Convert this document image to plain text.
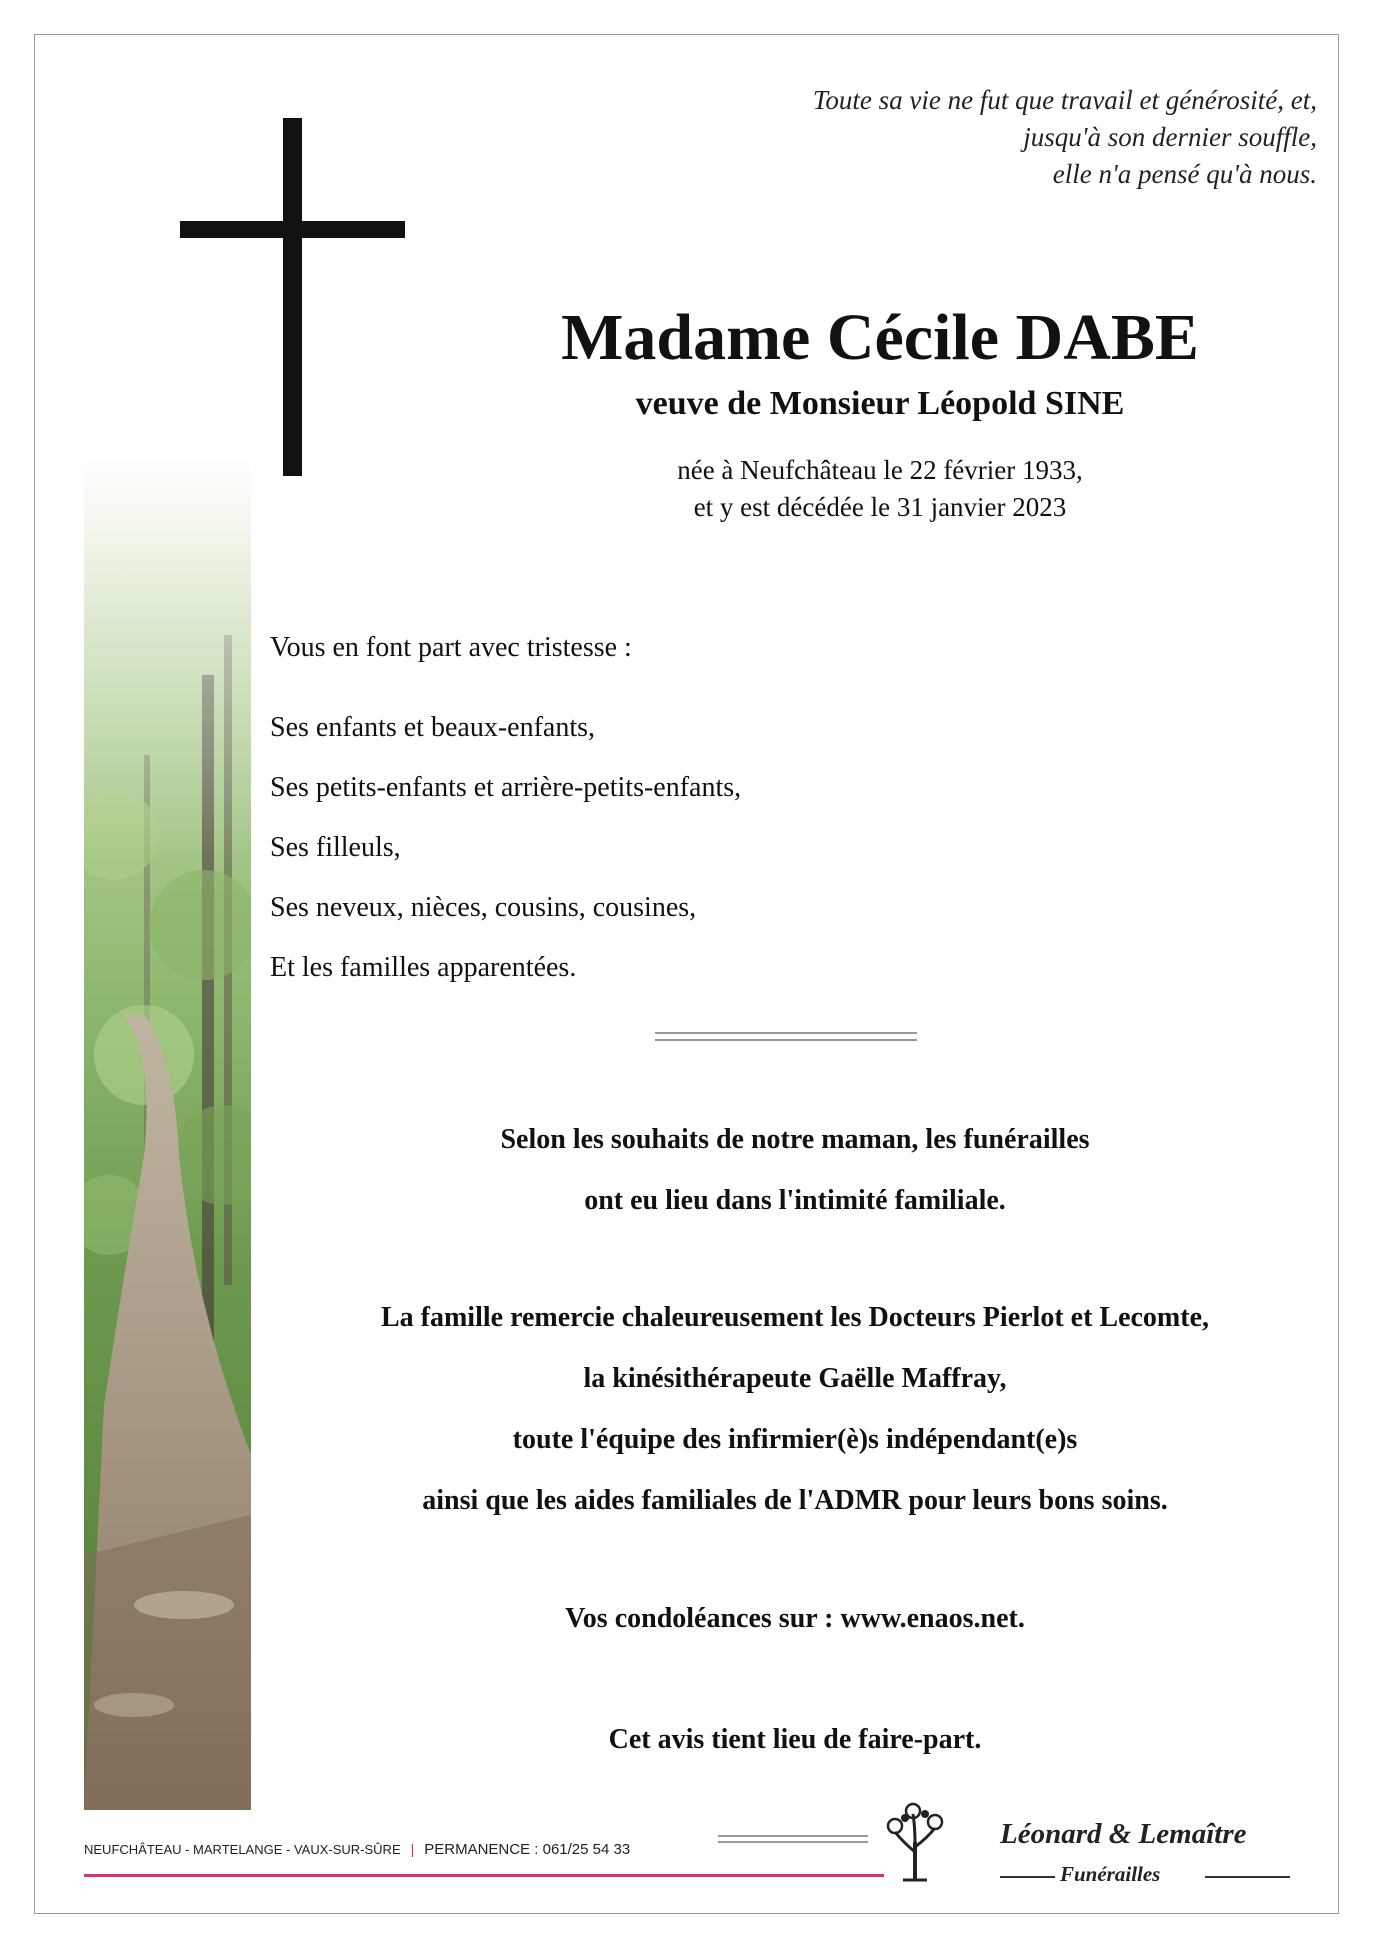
Toute sa vie ne fut que travail et générosité, et,
jusqu'à son dernier souffle,
elle n'a pensé qu'à nous.
Madame Cécile DABE
veuve de Monsieur Léopold SINE
née à Neufchâteau le 22 février 1933,
et y est décédée le 31 janvier 2023
Vous en font part avec tristesse :
Ses enfants et beaux-enfants,
Ses petits-enfants et arrière-petits-enfants,
Ses filleuls,
Ses neveux, nièces, cousins, cousines,
Et les familles apparentées.
Selon les souhaits de notre maman, les funérailles
ont eu lieu dans l'intimité familiale.
La famille remercie chaleureusement les Docteurs Pierlot et Lecomte,
la kinésithérapeute Gaëlle Maffray,
toute l'équipe des infirmier(è)s indépendant(e)s
ainsi que les aides familiales de l'ADMR pour leurs bons soins.
Vos condoléances sur : www.enaos.net.
Cet avis tient lieu de faire-part.
NEUFCHÂTEAU - MARTELANGE - VAUX-SUR-SÛRE | PERMANENCE : 061/25 54 33	Léonard & Lemaître
Funérailles
